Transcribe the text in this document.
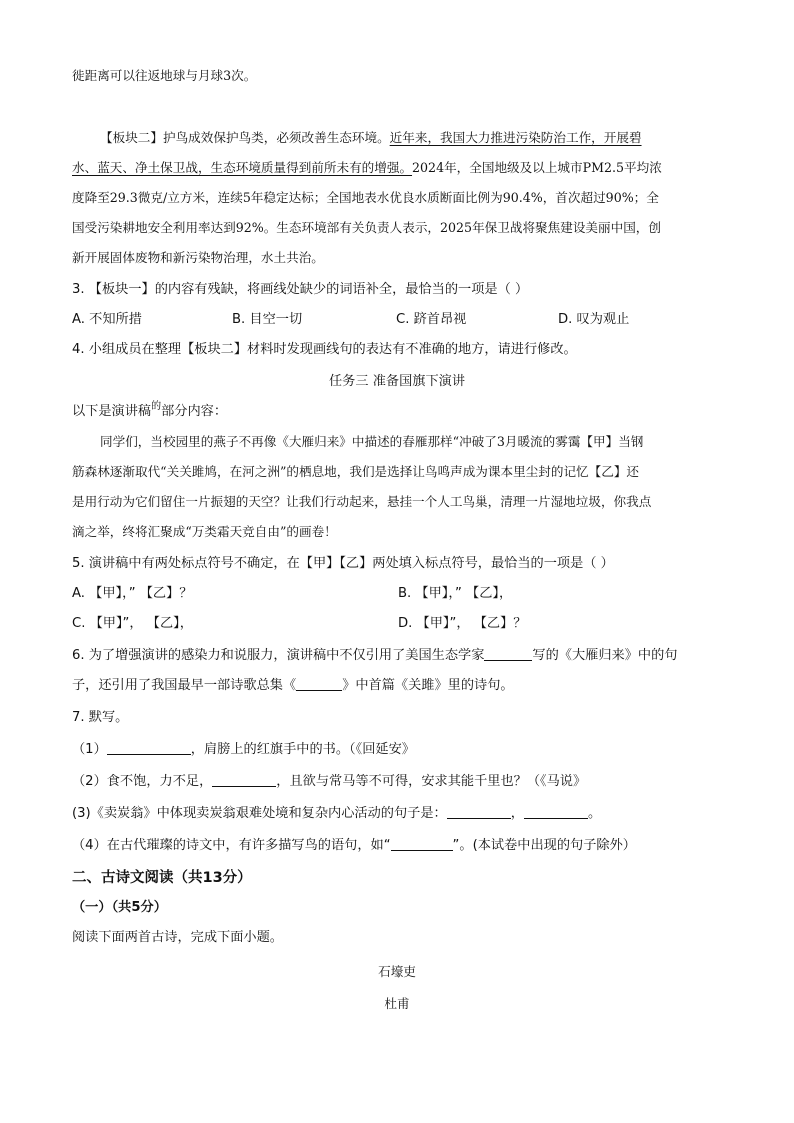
徙距离可以往返地球与月球3次。
【板块二】护鸟成效保护鸟类，必须改善生态环境。近年来，我国大力推进污染防治工作，开展碧
水、蓝天、净土保卫战，生态环境质量得到前所未有的增强。2024年，全国地级及以上城市PM2.5平均浓
度降至29.3微克/立方米，连续5年稳定达标；全国地表水优良水质断面比例为90.4%，首次超过90%；全
国受污染耕地安全利用率达到92%。生态环境部有关负责人表示，2025年保卫战将聚焦建设美丽中国，创
新开展固体废物和新污染物治理，水土共治。
3. 【板块一】的内容有残缺，将画线处缺少的词语补全，最恰当的一项是（ ）
A. 不知所措	B. 目空一切	C. 跻首昂视	D. 叹为观止
4. 小组成员在整理【板块二】材料时发现画线句的表达有不准确的地方，请进行修改。
任务三 准备国旗下演讲
以下是演讲稿$^的$部分内容：
同学们，当校园里的燕子不再像《大雁归来》中描述的春雁那样“冲破了3月暖流的雾霭【甲】当钢
筋森林逐渐取代“关关雎鸠，在河之洲”的栖息地，我们是选择让鸟鸣声成为课本里尘封的记忆【乙】还
是用行动为它们留住一片振翅的天空？让我们行动起来，悬挂一个人工鸟巢，清理一片湿地垃圾，你我点
滴之举，终将汇聚成“万类霜天竞自由”的画卷！
5. 演讲稿中有两处标点符号不确定，在【甲】【乙】两处填入标点符号，最恰当的一项是（ ）
A. 【甲】，” 【乙】？	B. 【甲】，” 【乙】，
C. 【甲】”， 【乙】，	D. 【甲】”， 【乙】？
6. 为了增强演讲的感染力和说服力，演讲稿中不仅引用了美国生态学家	写的《大雁归来》中的句
子，还引用了我国最早一部诗歌总集《	》中首篇《关雎》里的诗句。
7. 默写。
（1）	，肩膀上的红旗手中的书。（《回延安》
（2）食不饱，力不足，	，且欲与常马等不可得，安求其能千里也？（《马说》
(3)《卖炭翁》中体现卖炭翁艰难处境和复杂内心活动的句子是：	，	。
（4）在古代璀璨的诗文中，有许多描写鸟的语句，如“	”。(本试卷中出现的句子除外）
二、古诗文阅读（共13分）
（一）（共5分）
阅读下面两首古诗，完成下面小题。
石壕吏
杜甫
